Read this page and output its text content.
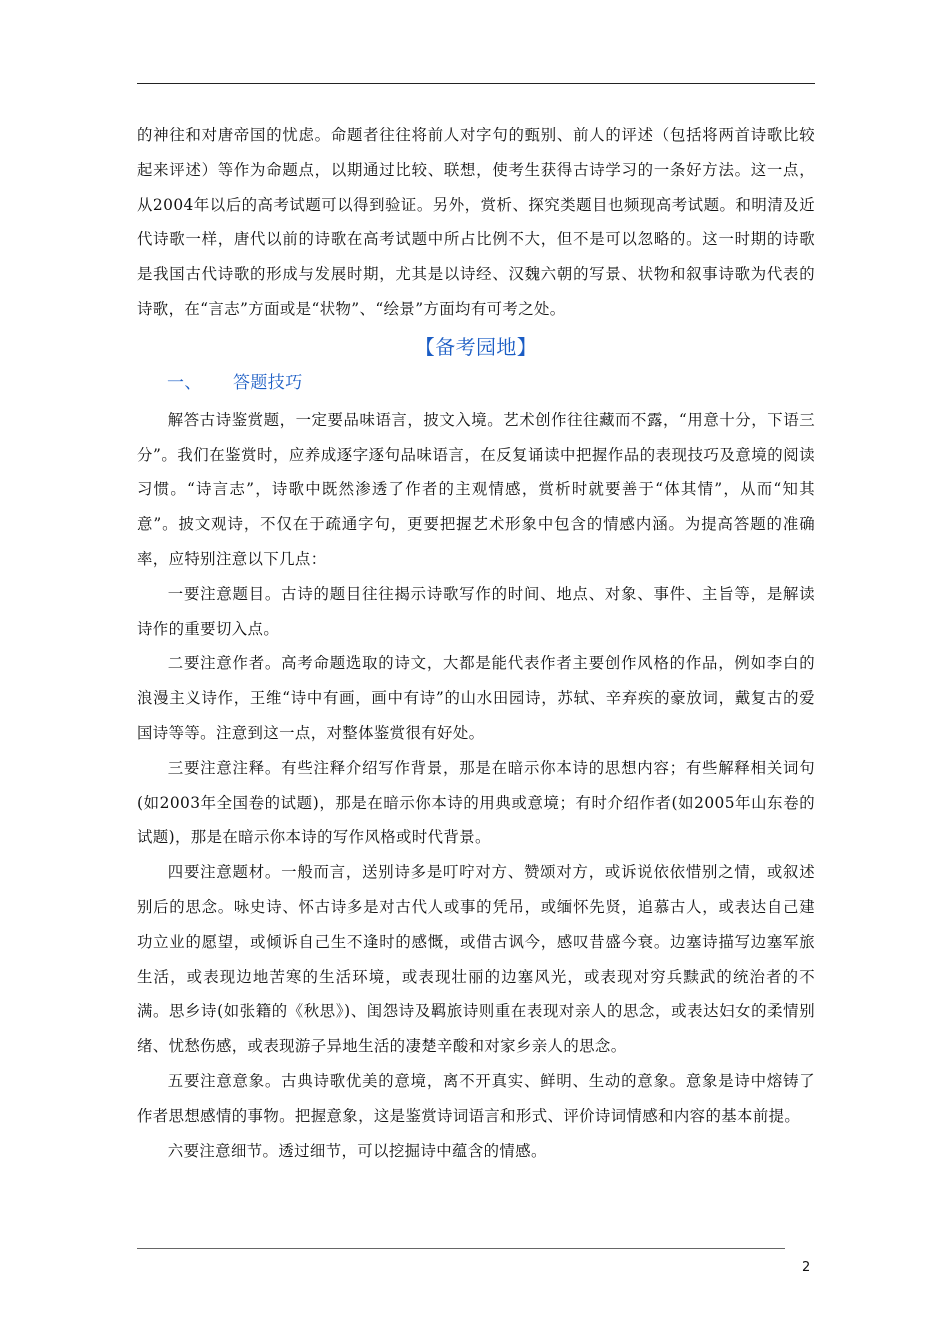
的神往和对唐帝国的忧虑。命题者往往将前人对字句的甄别、前人的评述（包括将两首诗歌比较起来评述）等作为命题点，以期通过比较、联想，使考生获得古诗学习的一条好方法。这一点，从2004年以后的高考试题可以得到验证。另外，赏析、探究类题目也频现高考试题。和明清及近代诗歌一样，唐代以前的诗歌在高考试题中所占比例不大，但不是可以忽略的。这一时期的诗歌是我国古代诗歌的形成与发展时期，尤其是以诗经、汉魏六朝的写景、状物和叙事诗歌为代表的诗歌，在“言志”方面或是“状物”、“绘景”方面均有可考之处。

【备考园地】
一、 答题技巧

解答古诗鉴赏题，一定要品味语言，披文入境。艺术创作往往藏而不露，“用意十分，下语三分”。我们在鉴赏时，应养成逐字逐句品味语言，在反复诵读中把握作品的表现技巧及意境的阅读习惯。“诗言志”，诗歌中既然渗透了作者的主观情感，赏析时就要善于“体其情”，从而“知其意”。披文观诗，不仅在于疏通字句，更要把握艺术形象中包含的情感内涵。为提高答题的准确率，应特别注意以下几点：

一要注意题目。古诗的题目往往揭示诗歌写作的时间、地点、对象、事件、主旨等，是解读诗作的重要切入点。

二要注意作者。高考命题选取的诗文，大都是能代表作者主要创作风格的作品，例如李白的浪漫主义诗作，王维“诗中有画，画中有诗”的山水田园诗，苏轼、辛弃疾的豪放词，戴复古的爱国诗等等。注意到这一点，对整体鉴赏很有好处。

三要注意注释。有些注释介绍写作背景，那是在暗示你本诗的思想内容；有些解释相关词句(如2003年全国卷的试题)，那是在暗示你本诗的用典或意境；有时介绍作者(如2005年山东卷的试题)，那是在暗示你本诗的写作风格或时代背景。

四要注意题材。一般而言，送别诗多是叮咛对方、赞颂对方，或诉说依依惜别之情，或叙述别后的思念。咏史诗、怀古诗多是对古代人或事的凭吊，或缅怀先贤，追慕古人，或表达自己建功立业的愿望，或倾诉自己生不逢时的感慨，或借古讽今，感叹昔盛今衰。边塞诗描写边塞军旅生活，或表现边地苦寒的生活环境，或表现壮丽的边塞风光，或表现对穷兵黩武的统治者的不满。思乡诗(如张籍的《秋思》)、闺怨诗及羁旅诗则重在表现对亲人的思念，或表达妇女的柔情别绪、忧愁伤感，或表现游子异地生活的凄楚辛酸和对家乡亲人的思念。

五要注意意象。古典诗歌优美的意境，离不开真实、鲜明、生动的意象。意象是诗中熔铸了作者思想感情的事物。把握意象，这是鉴赏诗词语言和形式、评价诗词情感和内容的基本前提。

六要注意细节。透过细节，可以挖掘诗中蕴含的情感。

2
